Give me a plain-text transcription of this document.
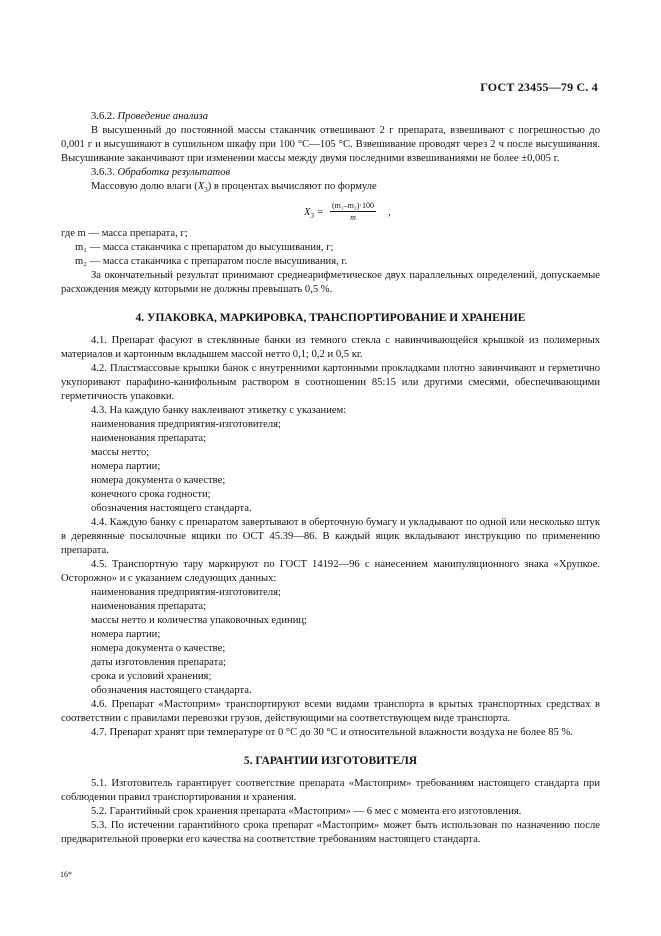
ГОСТ 23455—79 С. 4

3.6.2. Проведение анализа

В высушенный до постоянной массы стаканчик отвешивают 2 г препарата, взвешивают с погрешностью до 0,001 г и высушивают в сушильном шкафу при 100 °С—105 °С. Взвешивание проводят через 2 ч после высушивания. Высушивание заканчивают при изменении массы между двумя последними взвешиваниями не более ±0,005 г.

3.6.3. Обработка результатов

Массовую долю влаги $(X_3)$ в процентах вычисляют по формуле

$X_3 = \frac{\text{(m₁–m₂)·100}}{m}$ ,

где m — масса препарата, г;

m₁ — масса стаканчика с препаратом до высушивания, г;

m₂ — масса стаканчика с препаратом после высушивания, г.

За окончательный результат принимают среднеарифметическое двух параллельных определений, допускаемые расхождения между которыми не должны превышать 0,5 %.

4. УПАКОВКА, МАРКИРОВКА, ТРАНСПОРТИРОВАНИЕ И ХРАНЕНИЕ

4.1. Препарат фасуют в стеклянные банки из темного стекла с навинчивающейся крышкой из полимерных материалов и картонным вкладышем массой нетто 0,1; 0,2 и 0,5 кг.

4.2. Пластмассовые крышки банок с внутренними картонными прокладками плотно завинчивают и герметично укупоривают парафино-канифольным раствором в соотношении 85:15 или другими смесями, обеспечивающими герметичность упаковки.

4.3. На каждую банку наклеивают этикетку с указанием:

наименования предприятия-изготовителя;

наименования препарата;

массы нетто;

номера партии;

номера документа о качестве;

конечного срока годности;

обозначения настоящего стандарта.

4.4. Каждую банку с препаратом завертывают в оберточную бумагу и укладывают по одной или несколько штук в деревянные посылочные ящики по ОСТ 45.39—86. В каждый ящик вкладывают инструкцию по применению препарата.

4.5. Транспортную тару маркируют по ГОСТ 14192—96 с нанесением манипуляционного знака «Хрупкое. Осторожно» и с указанием следующих данных:

наименования предприятия-изготовителя;

наименования препарата;

массы нетто и количества упаковочных единиц;

номера партии;

номера документа о качестве;

даты изготовления препарата;

срока и условий хранения;

обозначения настоящего стандарта.

4.6. Препарат «Мастоприм» транспортируют всеми видами транспорта в крытых транспортных средствах в соответствии с правилами перевозки грузов, действующими на соответствующем виде транспорта.

4.7. Препарат хранят при температуре от 0 °С до 30 °С и относительной влажности воздуха не более 85 %.

5. ГАРАНТИИ ИЗГОТОВИТЕЛЯ

5.1. Изготовитель гарантирует соответствие препарата «Мастоприм» требованиям настоящего стандарта при соблюдении правил транспортирования и хранения.

5.2. Гарантийный срок хранения препарата «Мастоприм» — 6 мес с момента его изготовления.

5.3. По истечении гарантийного срока препарат «Мастоприм» может быть использован по назначению после предварительной проверки его качества на соответствие требованиям настоящего стандарта.

16*
